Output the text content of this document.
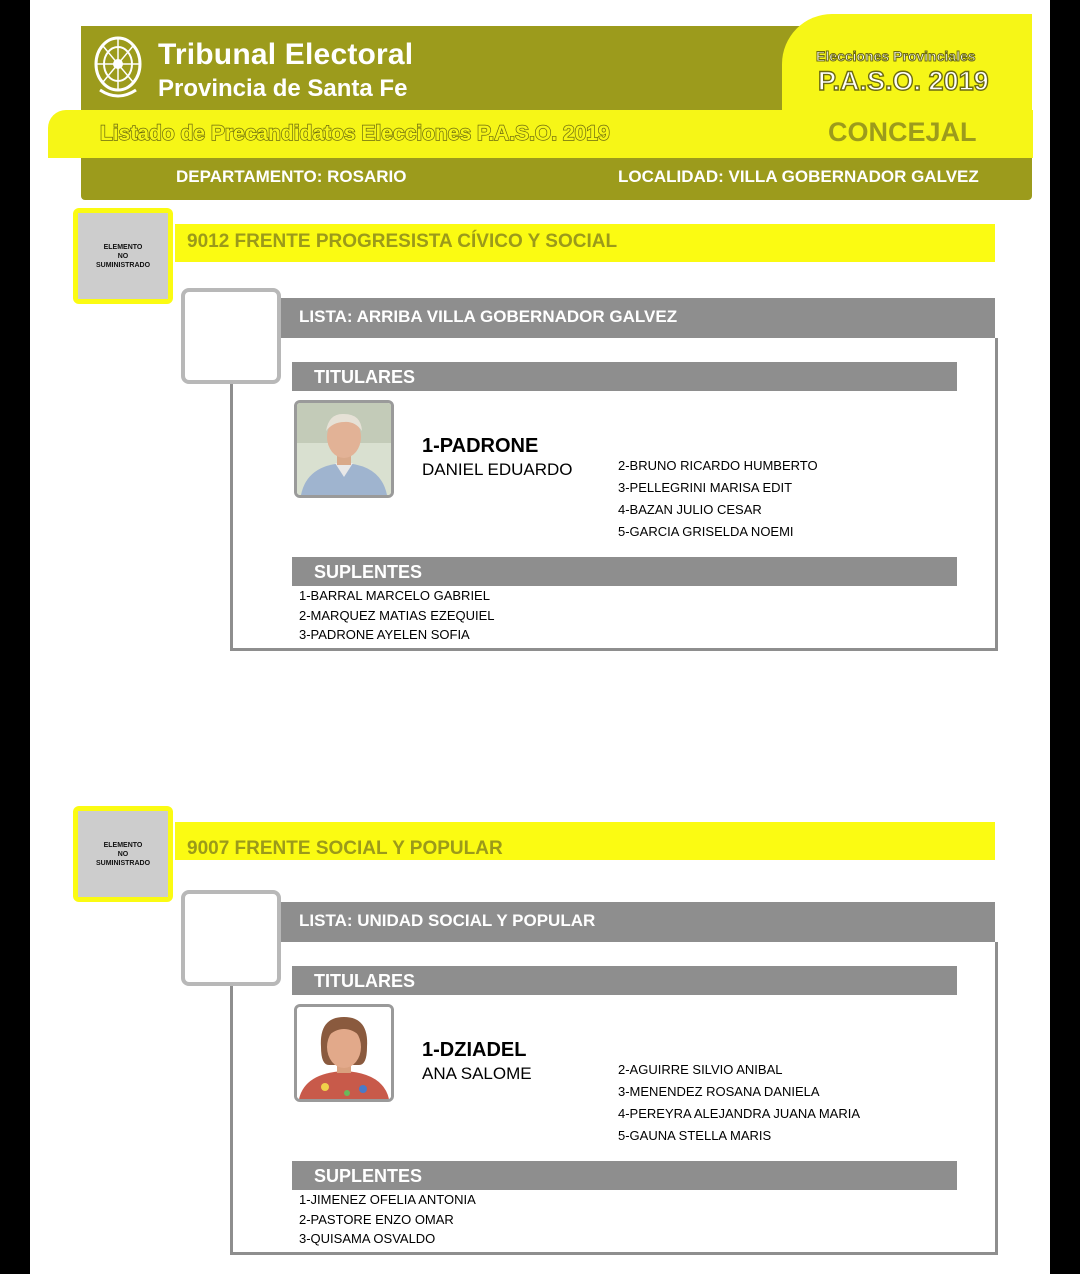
Tribunal Electoral
Provincia de Santa Fe
Elecciones Provinciales
P.A.S.O. 2019
Listado de Precandidatos Elecciones P.A.S.O. 2019	CONCEJAL
DEPARTAMENTO: ROSARIO	LOCALIDAD: VILLA GOBERNADOR GALVEZ
9012 FRENTE PROGRESISTA CÍVICO Y SOCIAL
ELEMENTO
NO
SUMINISTRADO
LISTA: ARRIBA VILLA GOBERNADOR GALVEZ
TITULARES
1-PADRONE
DANIEL EDUARDO	2-BRUNO RICARDO HUMBERTO
3-PELLEGRINI MARISA EDIT
4-BAZAN JULIO CESAR
5-GARCIA GRISELDA NOEMI
SUPLENTES
1-BARRAL MARCELO GABRIEL
2-MARQUEZ MATIAS EZEQUIEL
3-PADRONE AYELEN SOFIA
9007 FRENTE SOCIAL Y POPULAR
ELEMENTO
NO
SUMINISTRADO
LISTA: UNIDAD SOCIAL Y POPULAR
TITULARES
1-DZIADEL
ANA SALOME	2-AGUIRRE SILVIO ANIBAL
3-MENENDEZ ROSANA DANIELA
4-PEREYRA ALEJANDRA JUANA MARIA
5-GAUNA STELLA MARIS
SUPLENTES
1-JIMENEZ OFELIA ANTONIA
2-PASTORE ENZO OMAR
3-QUISAMA OSVALDO
